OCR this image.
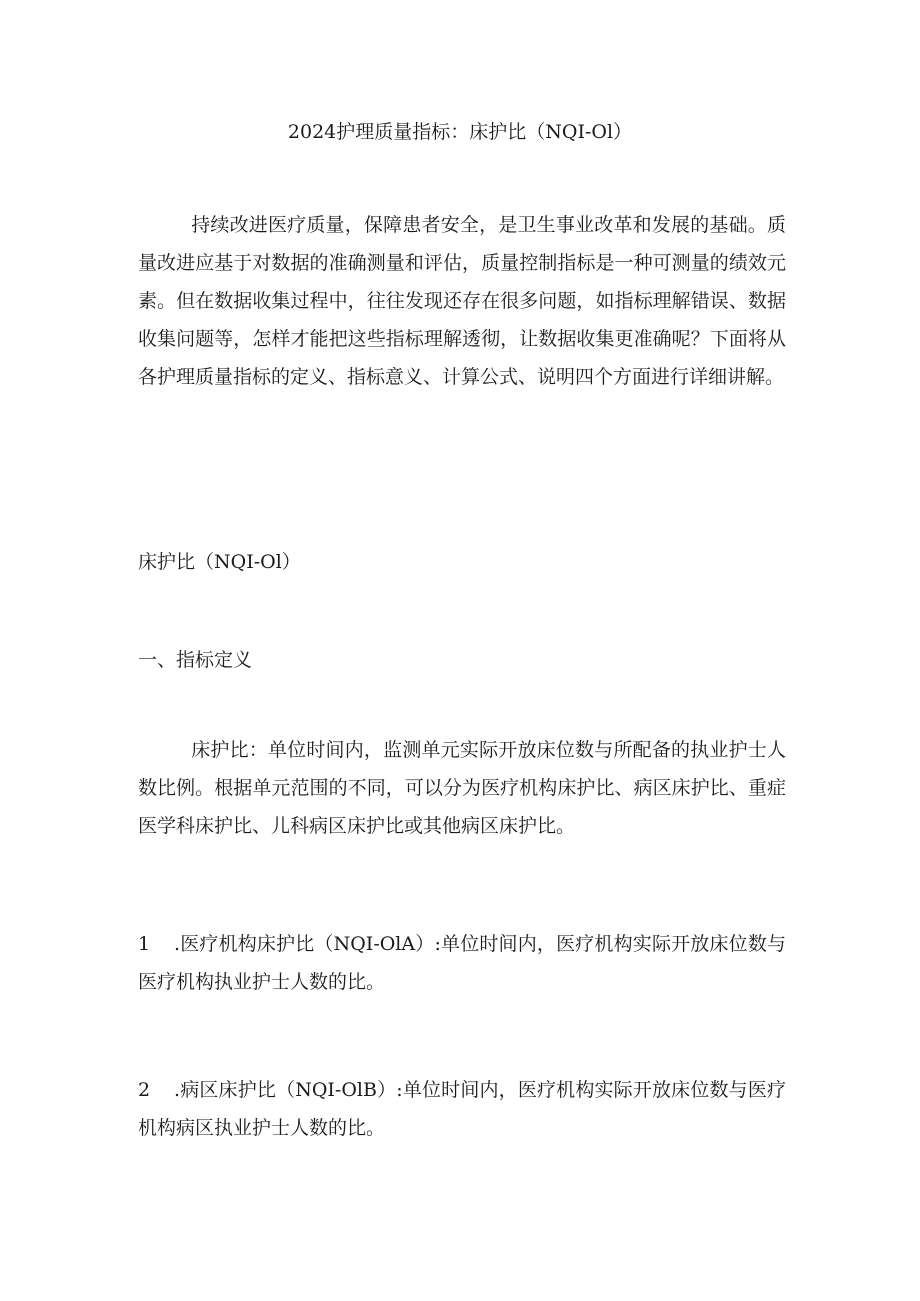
2024护理质量指标：床护比（NQI-Ol）

持续改进医疗质量，保障患者安全，是卫生事业改革和发展的基础。质量改进应基于对数据的准确测量和评估，质量控制指标是一种可测量的绩效元素。但在数据收集过程中，往往发现还存在很多问题，如指标理解错误、数据收集问题等，怎样才能把这些指标理解透彻，让数据收集更准确呢？下面将从各护理质量指标的定义、指标意义、计算公式、说明四个方面进行详细讲解。

床护比（NQI-Ol）

一、指标定义

床护比：单位时间内，监测单元实际开放床位数与所配备的执业护士人数比例。根据单元范围的不同，可以分为医疗机构床护比、病区床护比、重症医学科床护比、儿科病区床护比或其他病区床护比。

1 .医疗机构床护比（NQI-OlA）:单位时间内，医疗机构实际开放床位数与医疗机构执业护士人数的比。

2 .病区床护比（NQI-OlB）:单位时间内，医疗机构实际开放床位数与医疗机构病区执业护士人数的比。
